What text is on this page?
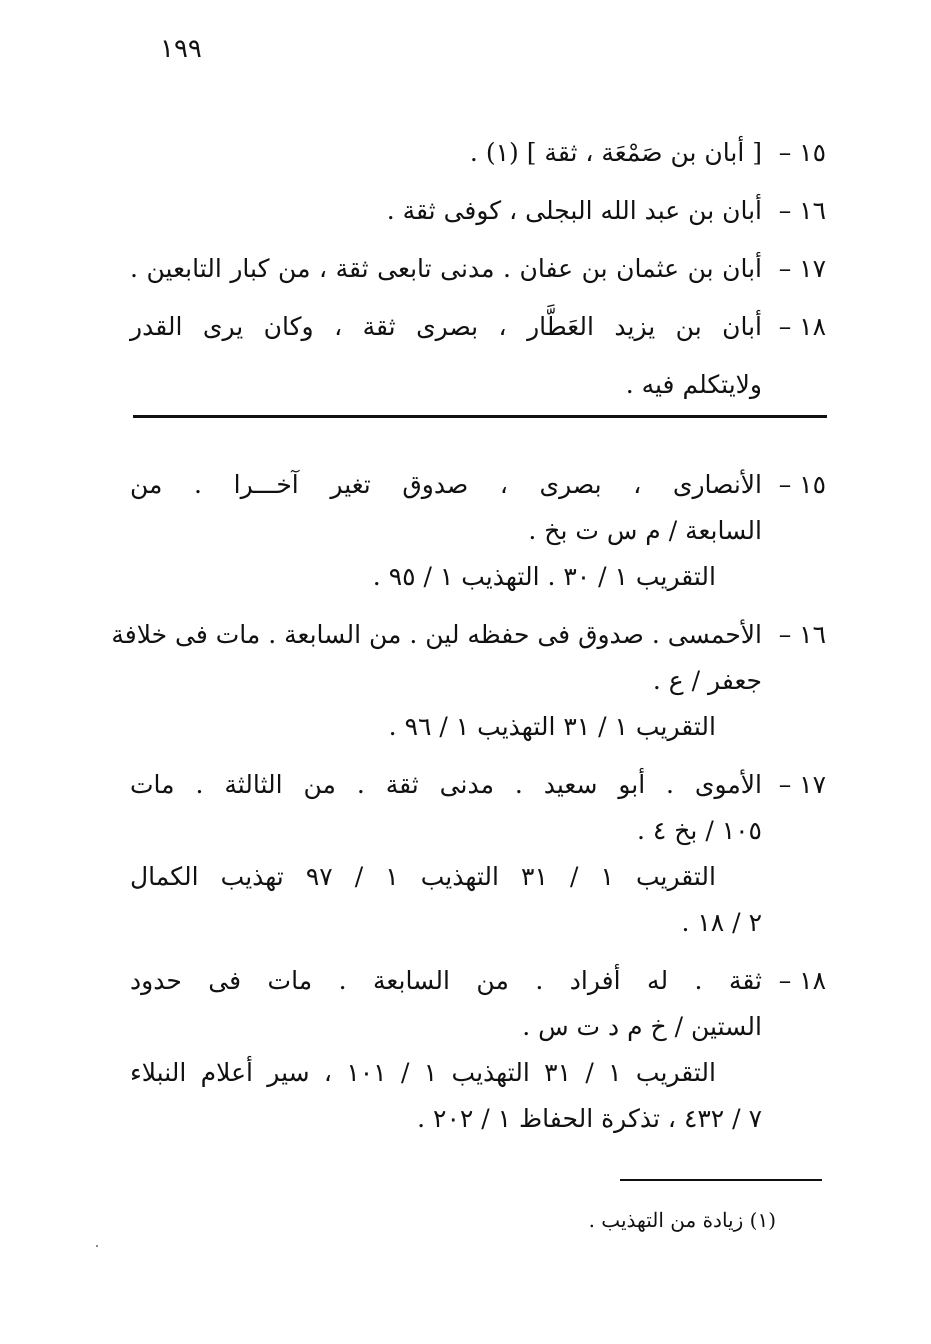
١٩٩
١٥ –
[ أبان بن صَمْعَة ، ثقة ] (١) .
١٦ –
أبان بن عبد الله البجلى ، كوفى ثقة .
١٧ –
أبان بن عثمان بن عفان . مدنى تابعى ثقة ، من كبار التابعين .
١٨ –
أبان بن يزيد العَطَّار ، بصرى ثقة ، وكان يرى القدر
ولايتكلم فيه .
١٥ –
الأنصارى ، بصرى ، صدوق تغير آخـــرا . من
السابعة / م س ت بخ .
التقريب ١ / ٣٠ . التهذيب ١ / ٩٥ .
١٦ –
الأحمسى . صدوق فى حفظه لين . من السابعة . مات فى خلافة
جعفر / ع .
التقريب ١ / ٣١ التهذيب ١ / ٩٦ .
١٧ –
الأموى . أبو سعيد . مدنى ثقة . من الثالثة . مات
١٠٥ / بخ ٤ .
التقريب ١ / ٣١ التهذيب ١ / ٩٧ تهذيب الكمال
٢ / ١٨ .
١٨ –
ثقة . له أفراد . من السابعة . مات فى حدود
الستين / خ م د ت س .
التقريب ١ / ٣١ التهذيب ١ / ١٠١ ، سير أعلام النبلاء
٧ / ٤٣٢ ، تذكرة الحفاظ ١ / ٢٠٢ .
(١) زيادة من التهذيب .
